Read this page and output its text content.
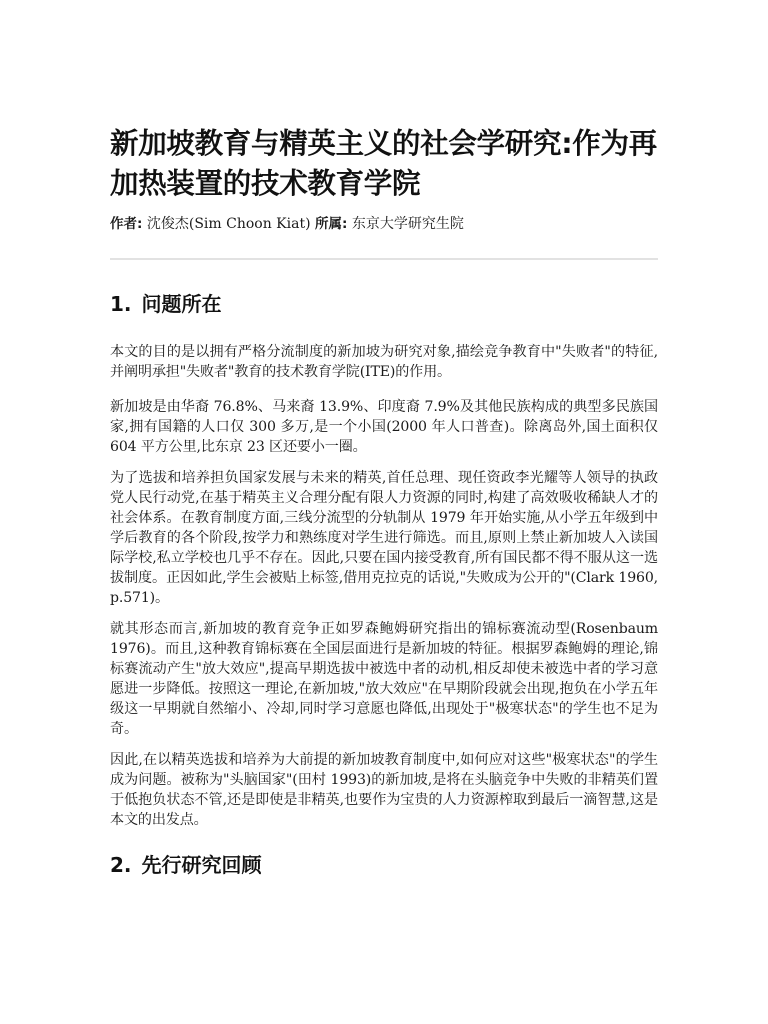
新加坡教育与精英主义的社会学研究:作为再加热装置的技术教育学院
作者: 沈俊杰(Sim Choon Kiat) 所属: 东京大学研究生院
1. 问题所在

本文的目的是以拥有严格分流制度的新加坡为研究对象,描绘竞争教育中"失败者"的特征,并阐明承担"失败者"教育的技术教育学院(ITE)的作用。

新加坡是由华裔 76.8%、马来裔 13.9%、印度裔 7.9%及其他民族构成的典型多民族国家,拥有国籍的人口仅 300 多万,是一个小国(2000 年人口普查)。除离岛外,国土面积仅 604 平方公里,比东京 23 区还要小一圈。

为了选拔和培养担负国家发展与未来的精英,首任总理、现任资政李光耀等人领导的执政党人民行动党,在基于精英主义合理分配有限人力资源的同时,构建了高效吸收稀缺人才的社会体系。在教育制度方面,三线分流型的分轨制从 1979 年开始实施,从小学五年级到中学后教育的各个阶段,按学力和熟练度对学生进行筛选。而且,原则上禁止新加坡人入读国际学校,私立学校也几乎不存在。因此,只要在国内接受教育,所有国民都不得不服从这一选拔制度。正因如此,学生会被贴上标签,借用克拉克的话说,"失败成为公开的"(Clark 1960, p.571)。

就其形态而言,新加坡的教育竞争正如罗森鲍姆研究指出的锦标赛流动型(Rosenbaum 1976)。而且,这种教育锦标赛在全国层面进行是新加坡的特征。根据罗森鲍姆的理论,锦标赛流动产生"放大效应",提高早期选拔中被选中者的动机,相反却使未被选中者的学习意愿进一步降低。按照这一理论,在新加坡,"放大效应"在早期阶段就会出现,抱负在小学五年级这一早期就自然缩小、冷却,同时学习意愿也降低,出现处于"极寒状态"的学生也不足为奇。

因此,在以精英选拔和培养为大前提的新加坡教育制度中,如何应对这些"极寒状态"的学生成为问题。被称为"头脑国家"(田村 1993)的新加坡,是将在头脑竞争中失败的非精英们置于低抱负状态不管,还是即使是非精英,也要作为宝贵的人力资源榨取到最后一滴智慧,这是本文的出发点。

2. 先行研究回顾
